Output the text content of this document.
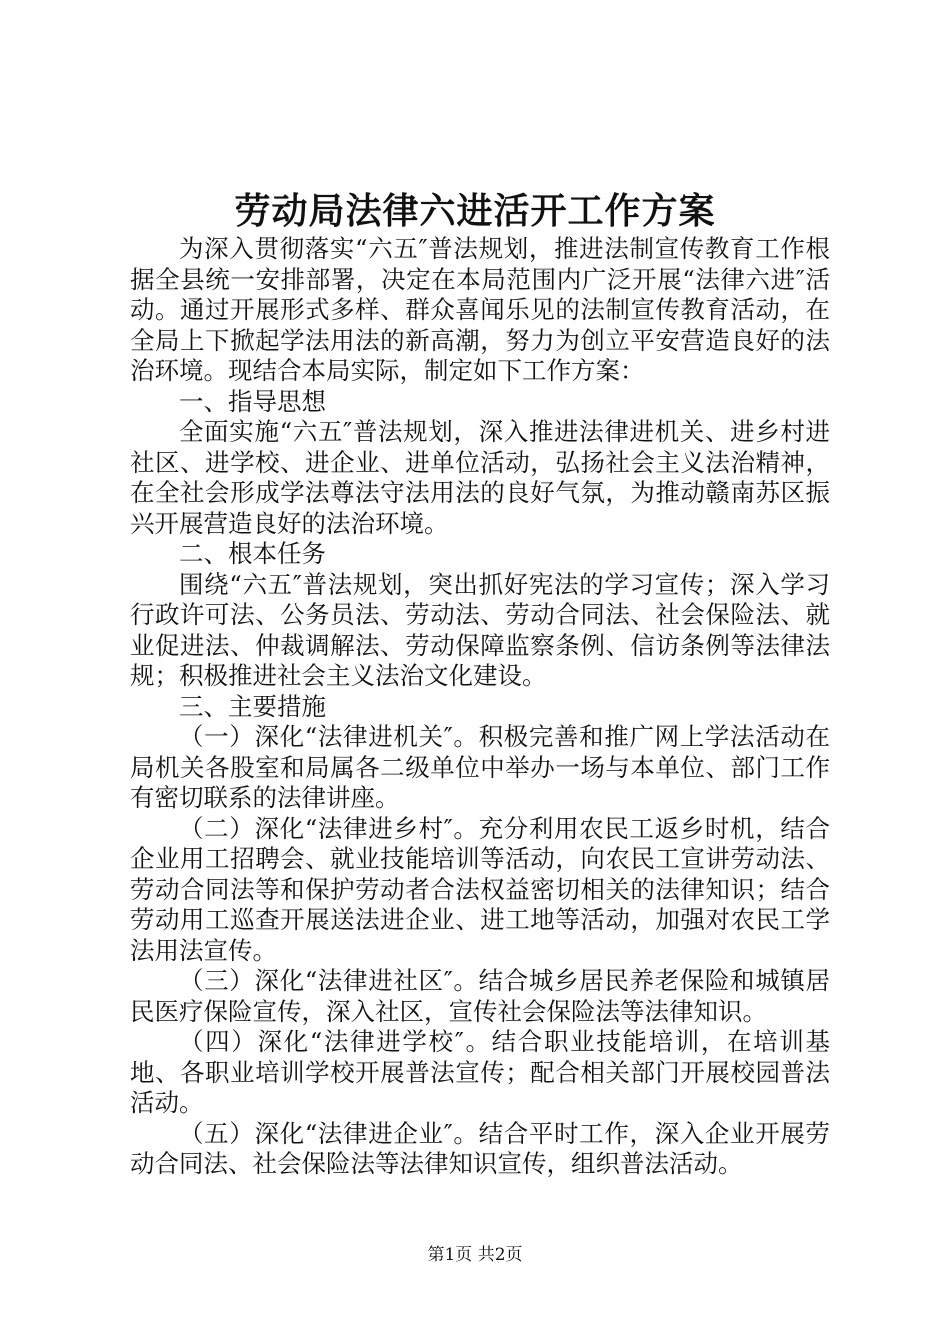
劳动局法律六进活开工作方案

为深入贯彻落实“六五″普法规划，推进法制宣传教育工作根据全县统一安排部署，决定在本局范围内广泛开展“法律六进″活动。通过开展形式多样、群众喜闻乐见的法制宣传教育活动，在全局上下掀起学法用法的新高潮，努力为创立平安营造良好的法治环境。现结合本局实际，制定如下工作方案：

一、指导思想

全面实施“六五″普法规划，深入推进法律进机关、进乡村进社区、进学校、进企业、进单位活动，弘扬社会主义法治精神，在全社会形成学法尊法守法用法的良好气氛，为推动赣南苏区振兴开展营造良好的法治环境。

二、根本任务

围绕“六五″普法规划，突出抓好宪法的学习宣传；深入学习行政许可法、公务员法、劳动法、劳动合同法、社会保险法、就业促进法、仲裁调解法、劳动保障监察条例、信访条例等法律法规；积极推进社会主义法治文化建设。

三、主要措施

（一）深化“法律进机关″。积极完善和推广网上学法活动在局机关各股室和局属各二级单位中举办一场与本单位、部门工作有密切联系的法律讲座。

（二）深化“法律进乡村″。充分利用农民工返乡时机，结合企业用工招聘会、就业技能培训等活动，向农民工宣讲劳动法、劳动合同法等和保护劳动者合法权益密切相关的法律知识；结合劳动用工巡查开展送法进企业、进工地等活动，加强对农民工学法用法宣传。

（三）深化“法律进社区″。结合城乡居民养老保险和城镇居民医疗保险宣传，深入社区，宣传社会保险法等法律知识。

（四）深化“法律进学校″。结合职业技能培训，在培训基地、各职业培训学校开展普法宣传；配合相关部门开展校园普法活动。

（五）深化“法律进企业″。结合平时工作，深入企业开展劳动合同法、社会保险法等法律知识宣传，组织普法活动。

第1页 共2页
